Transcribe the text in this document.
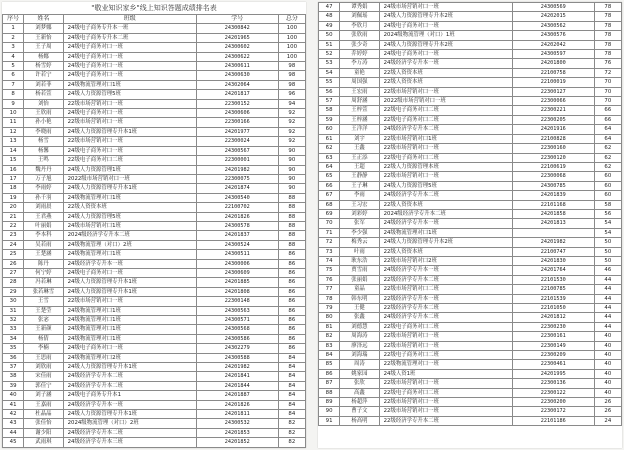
"敬业知识家乡"线上知识答题成绩排名表
序号	姓名	班级	学号	总分
1	刘梦娜	24级电子商务专升本一班	24300842	100
2	王新怡	24级电子商务专升本二班	24201965	100
3	王子周	24级电子商务对口一班	24300602	100
4	杨娜	24级电子商务对口一班	24300622	100
5	杨雪婷	24级电子商务对口一班	24300611	98
6	许若宁	24级电子商务对口一班	24300630	98
7	刘若菲	24级物流管理对口1班	24302064	98
8	杨若萱	24级人力资源管理5班	24201817	96
9	刘怡	22级市场营销对口一班	22300152	94
10	王欣雨	24级电子商务对口一班	24300606	92
11	孙小艳	22级市场营销对口一班	22300166	92
12	李晓雨	24级人力资源管理专升本1班	24201977	92
13	杨雪	22级市场营销对口一班	22300024	92
14	杨馨	24级电子商务对口一班	24300567	90
15	王鸣	22级电子商务对口二班	22300001	90
16	魏丹丹	24级人力资源管理1班	24201982	90
17	万子旭	2022级市场营销对口一班	22300075	90
18	李雨婷	24级人力资源管理专升本1班	24201874	90
19	孙千羽	24级物流管理对口1班	24300540	88
20	刘雨晨	22级人资资本班	22100702	88
21	王君燕	24级人力资源管理5班	24201826	88
22	叶丽娟	24级市场营销对口1班	24300578	88
23	李本科	2024级经济学专升本二班	24201837	88
24	吴若雨	24级物流管理（对口）2班	24300524	88
25	王楚涵	24级物流管理对口1班	24300511	86
26	陈丹	24级经济学专升本一班	24300006	86
27	何宁婷	24级电子商务对口一班	24300609	86
28	冯若琳	24级人力资源管理专升本1班	24201885	86
29	张若琳雪	24级人力资源管理专升本1班	24201808	86
30	王雪	22级市场营销对口一班	22300148	86
31	王楚莹	24级物流管理对口1班	24300563	86
32	张宓	24级物流管理对口1班	24300571	86
33	王新颜	24级物流管理对口1班	24300568	86
34	杨倩	24级物流管理对口1班	24300586	86
35	李楠	24级电子商务对口一班	24302279	86
36	王思雨	24级物流管理对口2班	24300588	84
37	刘欣雨	24级人力资源管理专升本1班	24201982	84
38	宋佳雨	24级经济学专升本二班	24201841	84
39	郭佳宁	24级经济学专升本二班	24201844	84
40	刘子涵	24级电子商务专升本1	24201887	84
41	王嘉雨	24级经济学专升本一班	24201826	84
42	杜晶晶	24级人力资源管理专升本1班	24201811	84
43	张佳怡	2024级物流管理（对口）2班	24300532	82
44	谢少阳	24级经济学专升本二班	24201853	82
45	武雨琪	24级经济学专升本三班	24201852	82
47	谭秀娟	24级市场营销对口一班	24300569	78
48	刘佩瑶	24级人力资源管理专升本2班	24202015	78
49	李欣月	24级电子商务对口一班	24300562	78
50	张欣雨	2024级物流管理（对口）1班	24300576	78
51	张少奇	24级人力资源管理专升本2班	24202042	78
52	乔婷婷	24级电子商务对口一班	24300597	78
53	李万涛	24级经济学专升本一班	24201800	76
54	童艳	22级人资资本班	22100758	72
55	周国强	22级人资资本班	22100019	70
56	王宏雨	22级市场营销对口一班	22300127	70
57	周舒涵	2022级市场营销对口一班	22300066	70
58	王梓萱	22级电子商务对口二班	22300221	66
59	王梓涵	22级电子商务对口二班	22300205	66
60	王洋洋	24级经济学专升本二班	24201916	64
61	刘宇	22级市场营销对口1班	22100828	64
62	王鑫	22级市场营销对口一班	22300160	62
63	王正添	22级电子商务对口二班	22300120	62
64	王超	22级人力资源管理本班	22100619	62
65	王静静	22级市场营销对口一班	22300068	60
66	王子琳	24级人力资源管理5班	24300785	60
67	李雨	24级经济学专升本二班	24201839	60
68	王习宏	22级人资资本班	22101168	58
69	刘彩婷	2024级经济学专升本二班	24201858	56
70	张军	24级经济学专升本一班	24201813	54
71	李少强	24级物流管理对口1班		54
72	梅秀云	24级人力资源管理专升本2班	24201982	50
73	叶雨	22级人资资本班	22100747	50
74	耿东浩	22级市场营销对口2班	24201830	50
75	贾雪雨	24级经济学专升本一班	24201764	46
76	张丽娟	22级经济学专升本二班	22101530	44
77	童晶	22级市场营销对口二班	22100785	44
78	韩东明	22级经济学专升本一班	22101539	44
79	王健	22级经济学专升本二班	22101050	44
80	张鑫	24级经济学专升本二班	24201812	44
81	刘德慧	22级电子商务对口二班	22300230	44
82	周海涛	22级市场营销对口一班	22300161	40
83	廖泽远	22级市场营销对口一班	22300149	40
84	刘海瑞	22级电子商务对口二班	22300209	40
85	周涛	22级物流管理对口一班	22300461	40
86	姚家园	24级人资1班	24201995	40
87	张欣	22级市场营销对口一班	22300136	40
88	高鑫	22级电子商务对口二班	22300122	40
89	杨超萍	22级市场营销对口一班	22300200	26
90	曹子文	22级市场营销对口一班	22300172	26
91	杨高明	22级经济学专升本二班	22101186	24
